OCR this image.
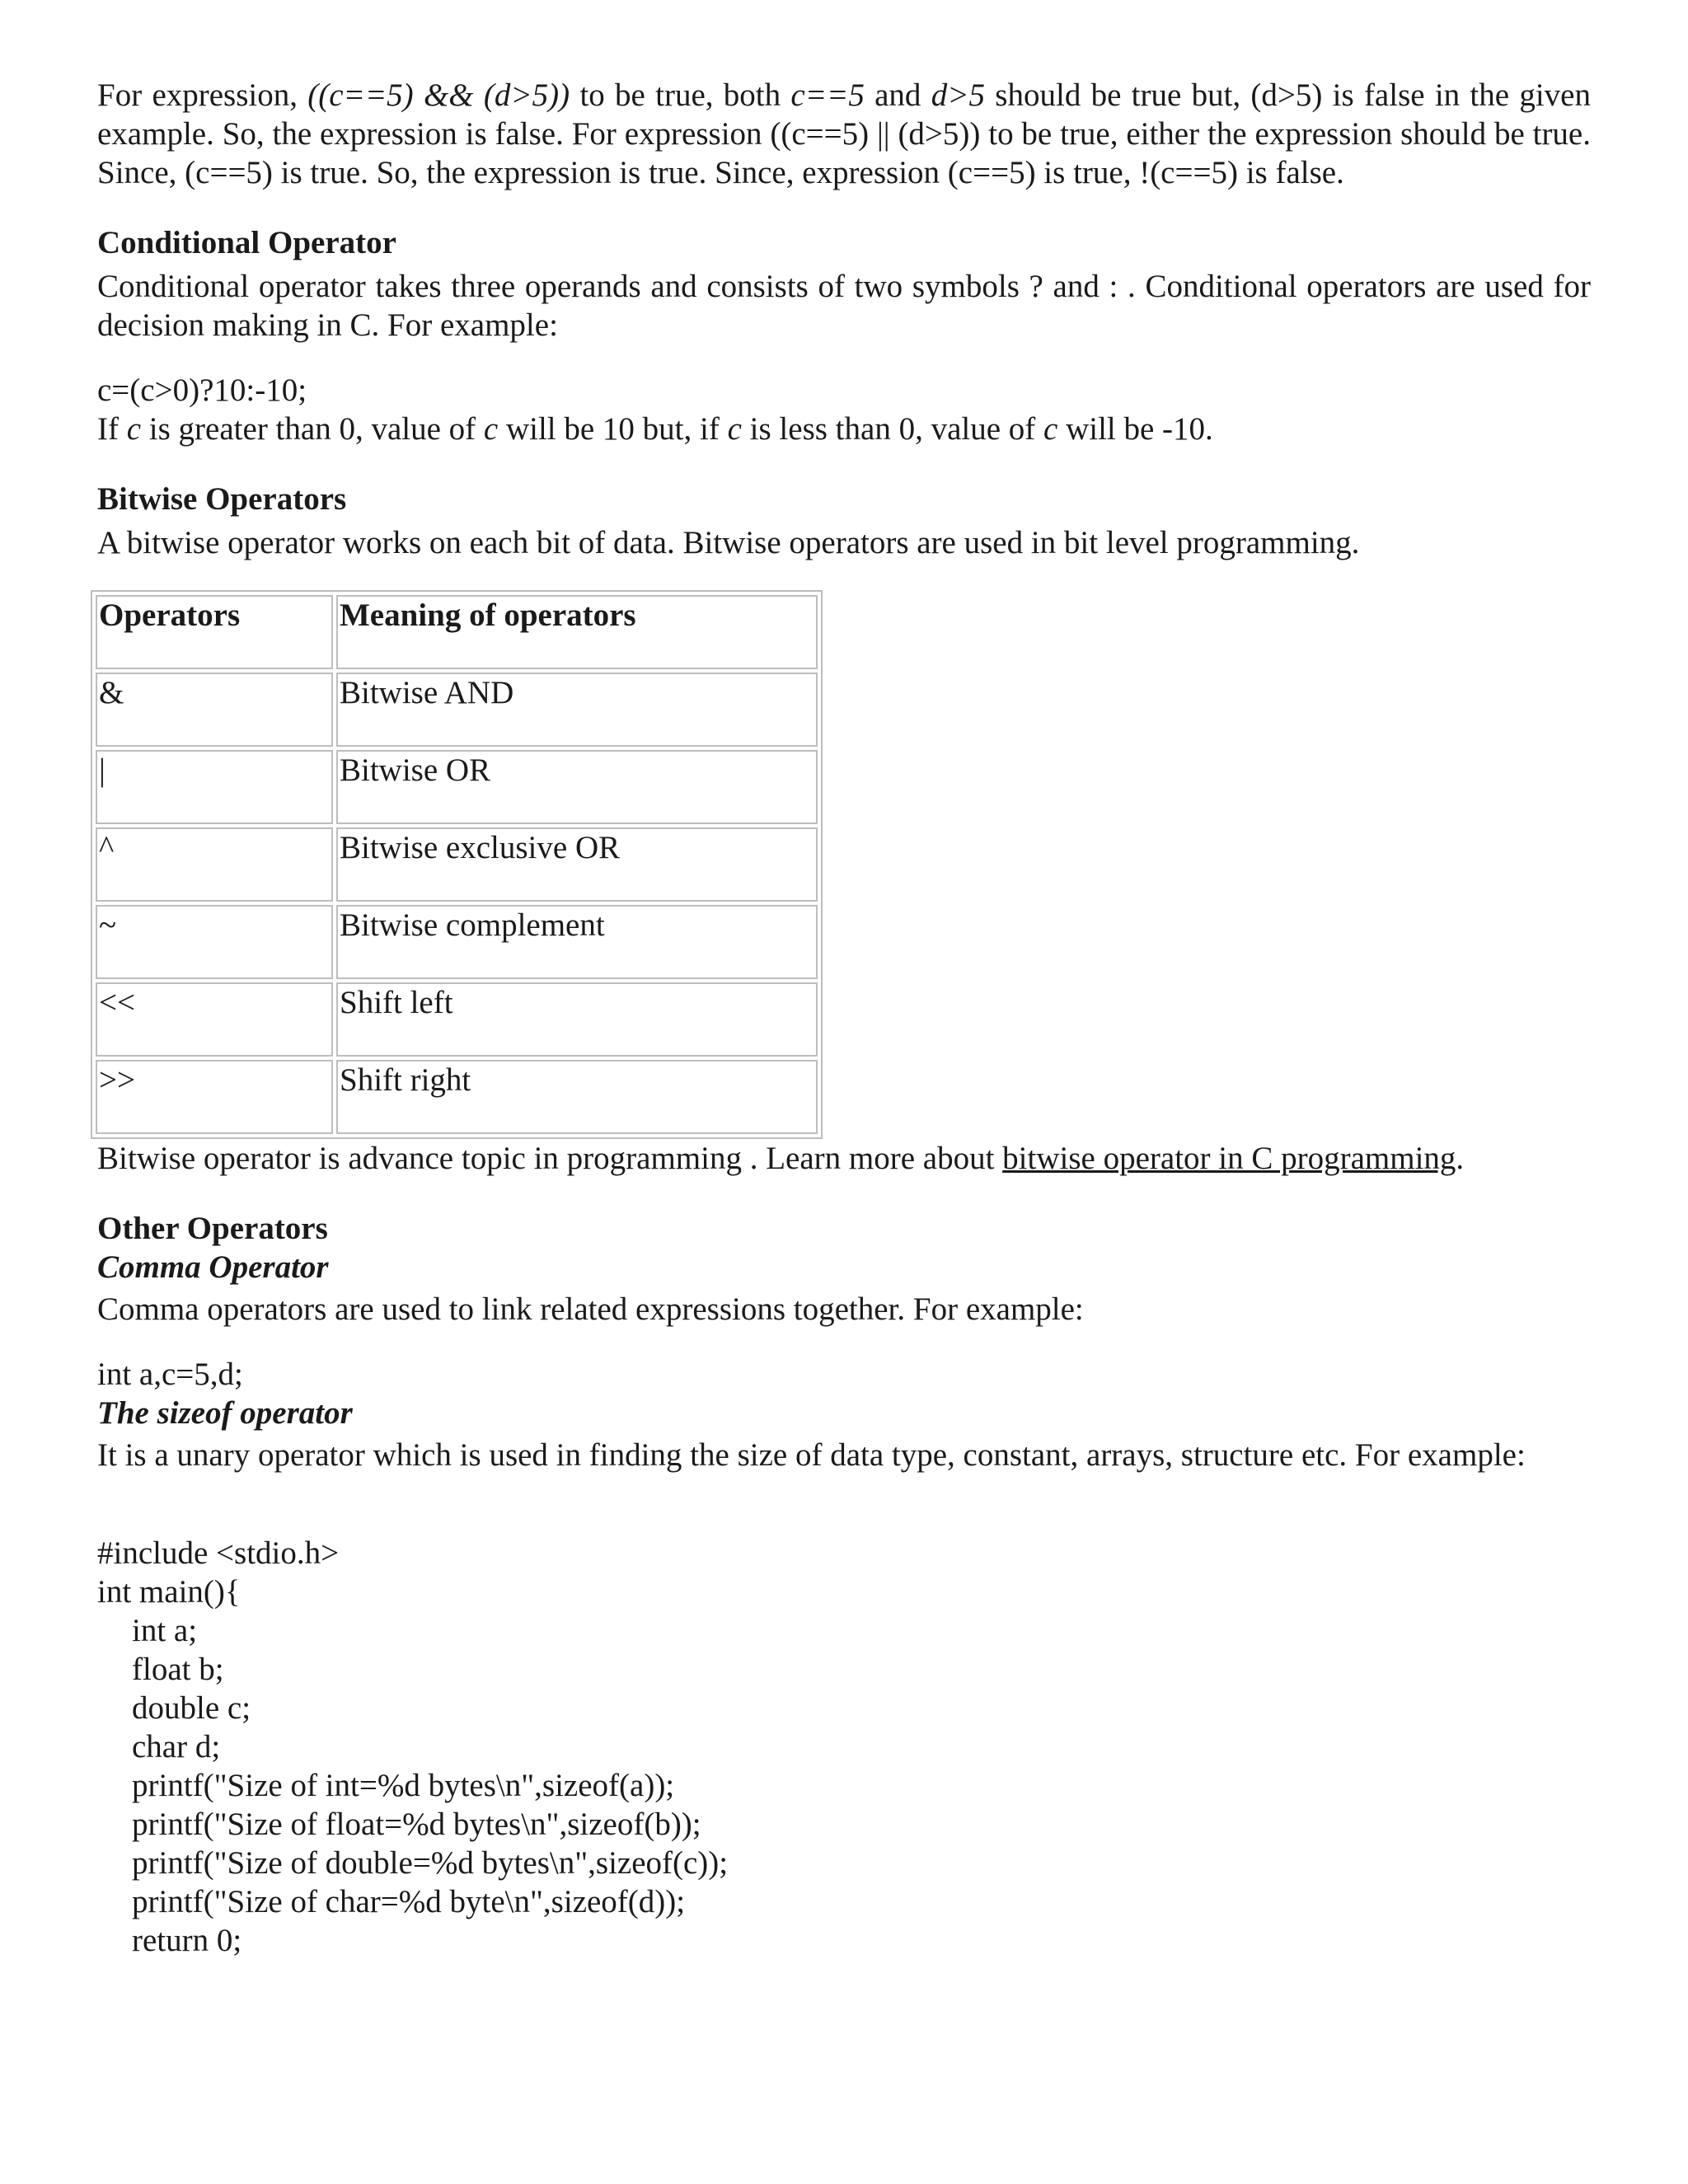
For expression, ((c==5) && (d>5)) to be true, both c==5 and d>5 should be true but, (d>5) is false in the given example. So, the expression is false. For expression ((c==5) || (d>5)) to be true, either the expression should be true. Since, (c==5) is true. So, the expression is true. Since, expression (c==5) is true, !(c==5) is false.

Conditional Operator

Conditional operator takes three operands and consists of two symbols ? and : . Conditional operators are used for decision making in C. For example:

c=(c>0)?10:-10;

If c is greater than 0, value of c will be 10 but, if c is less than 0, value of c will be -10.

Bitwise Operators

A bitwise operator works on each bit of data. Bitwise operators are used in bit level programming.

Operators	Meaning of operators
&	Bitwise AND
|	Bitwise OR
^	Bitwise exclusive OR
~	Bitwise complement
<<	Shift left
>>	Shift right

Bitwise operator is advance topic in programming . Learn more about bitwise operator in C programming.

Other Operators

Comma Operator

Comma operators are used to link related expressions together. For example:

int a,c=5,d;

The sizeof operator

It is a unary operator which is used in finding the size of data type, constant, arrays, structure etc. For example:

#include <stdio.h>

int main(){

int a;

float b;

double c;

char d;

printf("Size of int=%d bytes\n",sizeof(a));

printf("Size of float=%d bytes\n",sizeof(b));

printf("Size of double=%d bytes\n",sizeof(c));

printf("Size of char=%d byte\n",sizeof(d));

return 0;
